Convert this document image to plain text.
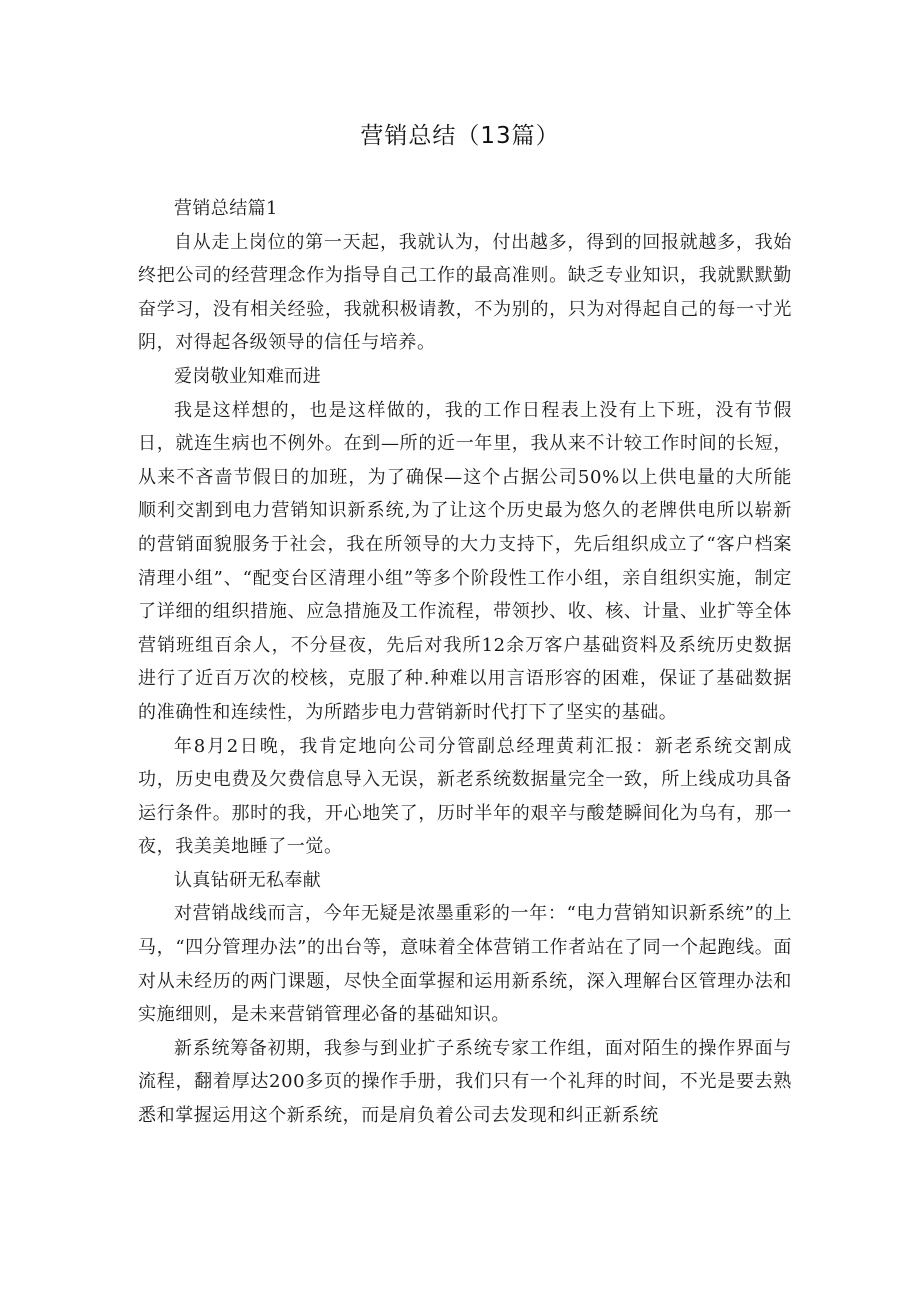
营销总结（13篇）

营销总结篇1

自从走上岗位的第一天起，我就认为，付出越多，得到的回报就越多，我始终把公司的经营理念作为指导自己工作的最高准则。缺乏专业知识，我就默默勤奋学习，没有相关经验，我就积极请教，不为别的，只为对得起自己的每一寸光阴，对得起各级领导的信任与培养。

爱岗敬业知难而进

我是这样想的，也是这样做的，我的工作日程表上没有上下班，没有节假日，就连生病也不例外。在到—所的近一年里，我从来不计较工作时间的长短，从来不吝啬节假日的加班，为了确保—这个占据公司50%以上供电量的大所能顺利交割到电力营销知识新系统,为了让这个历史最为悠久的老牌供电所以崭新的营销面貌服务于社会，我在所领导的大力支持下，先后组织成立了“客户档案清理小组”、“配变台区清理小组”等多个阶段性工作小组，亲自组织实施，制定了详细的组织措施、应急措施及工作流程，带领抄、收、核、计量、业扩等全体营销班组百余人，不分昼夜，先后对我所12余万客户基础资料及系统历史数据进行了近百万次的校核，克服了种.种难以用言语形容的困难，保证了基础数据的准确性和连续性，为所踏步电力营销新时代打下了坚实的基础。

年8月2日晚，我肯定地向公司分管副总经理黄莉汇报：新老系统交割成功，历史电费及欠费信息导入无误，新老系统数据量完全一致，所上线成功具备运行条件。那时的我，开心地笑了，历时半年的艰辛与酸楚瞬间化为乌有，那一夜，我美美地睡了一觉。

认真钻研无私奉献

对营销战线而言，今年无疑是浓墨重彩的一年：“电力营销知识新系统”的上马，“四分管理办法”的出台等，意味着全体营销工作者站在了同一个起跑线。面对从未经历的两门课题，尽快全面掌握和运用新系统，深入理解台区管理办法和实施细则，是未来营销管理必备的基础知识。

新系统筹备初期，我参与到业扩子系统专家工作组，面对陌生的操作界面与流程，翻着厚达200多页的操作手册，我们只有一个礼拜的时间，不光是要去熟悉和掌握运用这个新系统，而是肩负着公司去发现和纠正新系统
